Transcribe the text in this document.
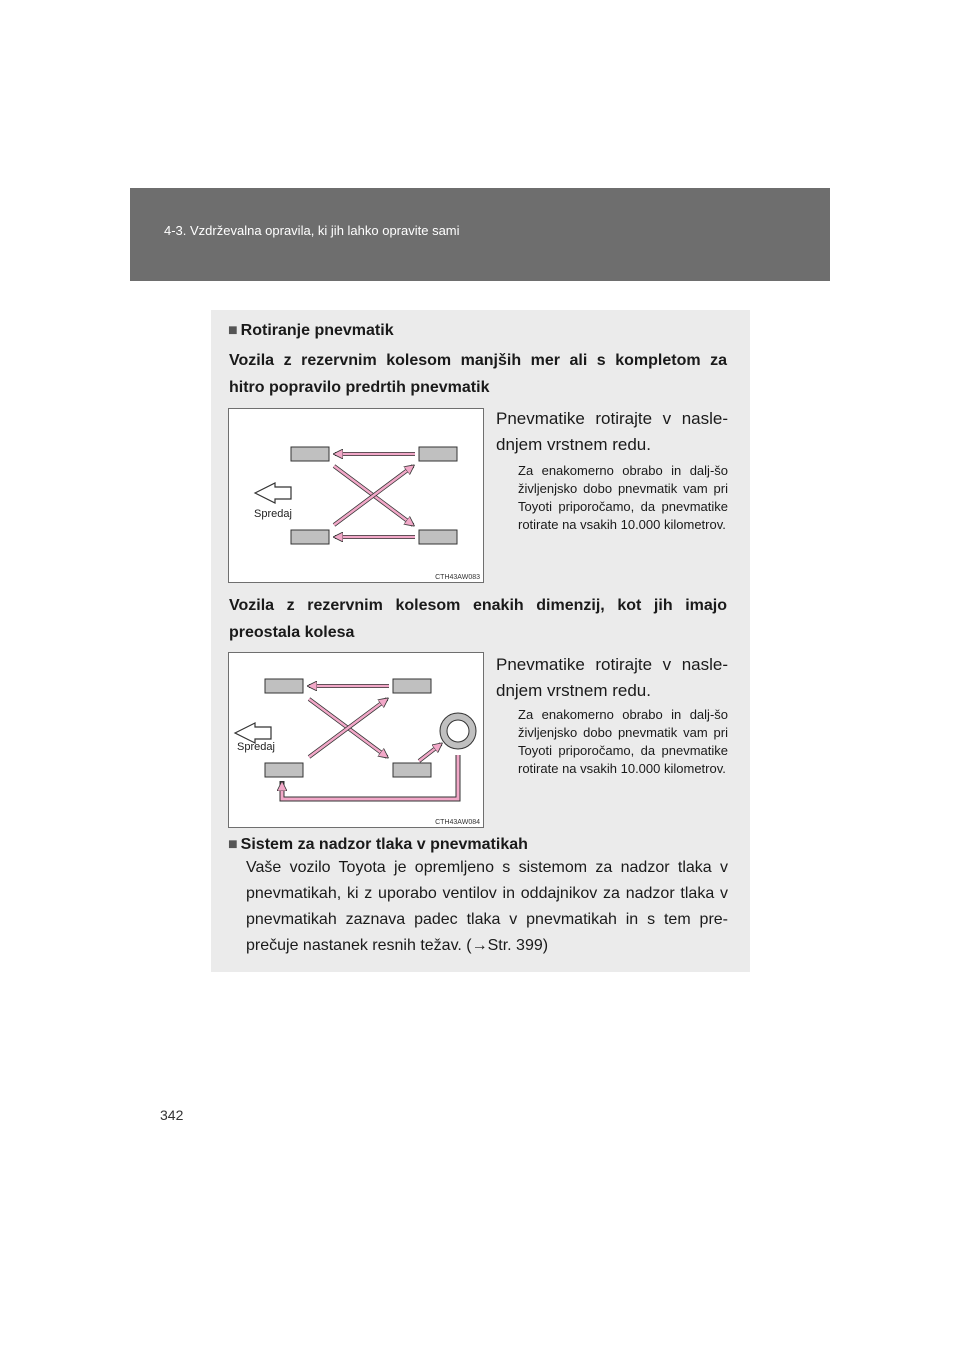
4-3. Vzdrževalna opravila, ki jih lahko opravite sami
■ Rotiranje pnevmatik
Vozila z rezervnim kolesom manjših mer ali s kompletom za
hitro popravilo predrtih pnevmatik
Spredaj
CTH43AW083
Pnevmatike rotirajte v nasle-
dnjem vrstnem redu.
Za enakomerno obrabo in dalj-šo življenjsko dobo pnevmatik vam pri Toyoti priporočamo, da pnevmatike rotirate na vsakih 10.000 kilometrov.
Vozila z rezervnim kolesom enakih dimenzij, kot jih imajo
preostala kolesa
Spredaj
CTH43AW084
Pnevmatike rotirajte v nasle-
dnjem vrstnem redu.
Za enakomerno obrabo in dalj-šo življenjsko dobo pnevmatik vam pri Toyoti priporočamo, da pnevmatike rotirate na vsakih 10.000 kilometrov.
■ Sistem za nadzor tlaka v pnevmatikah
Vaše vozilo Toyota je opremljeno s sistemom za nadzor tlaka v pnevmatikah, ki z uporabo ventilov in oddajnikov za nadzor tlaka v pnevmatikah zaznava padec tlaka v pnevmatikah in s tem pre-prečuje nastanek resnih težav. (→Str. 399)
342
